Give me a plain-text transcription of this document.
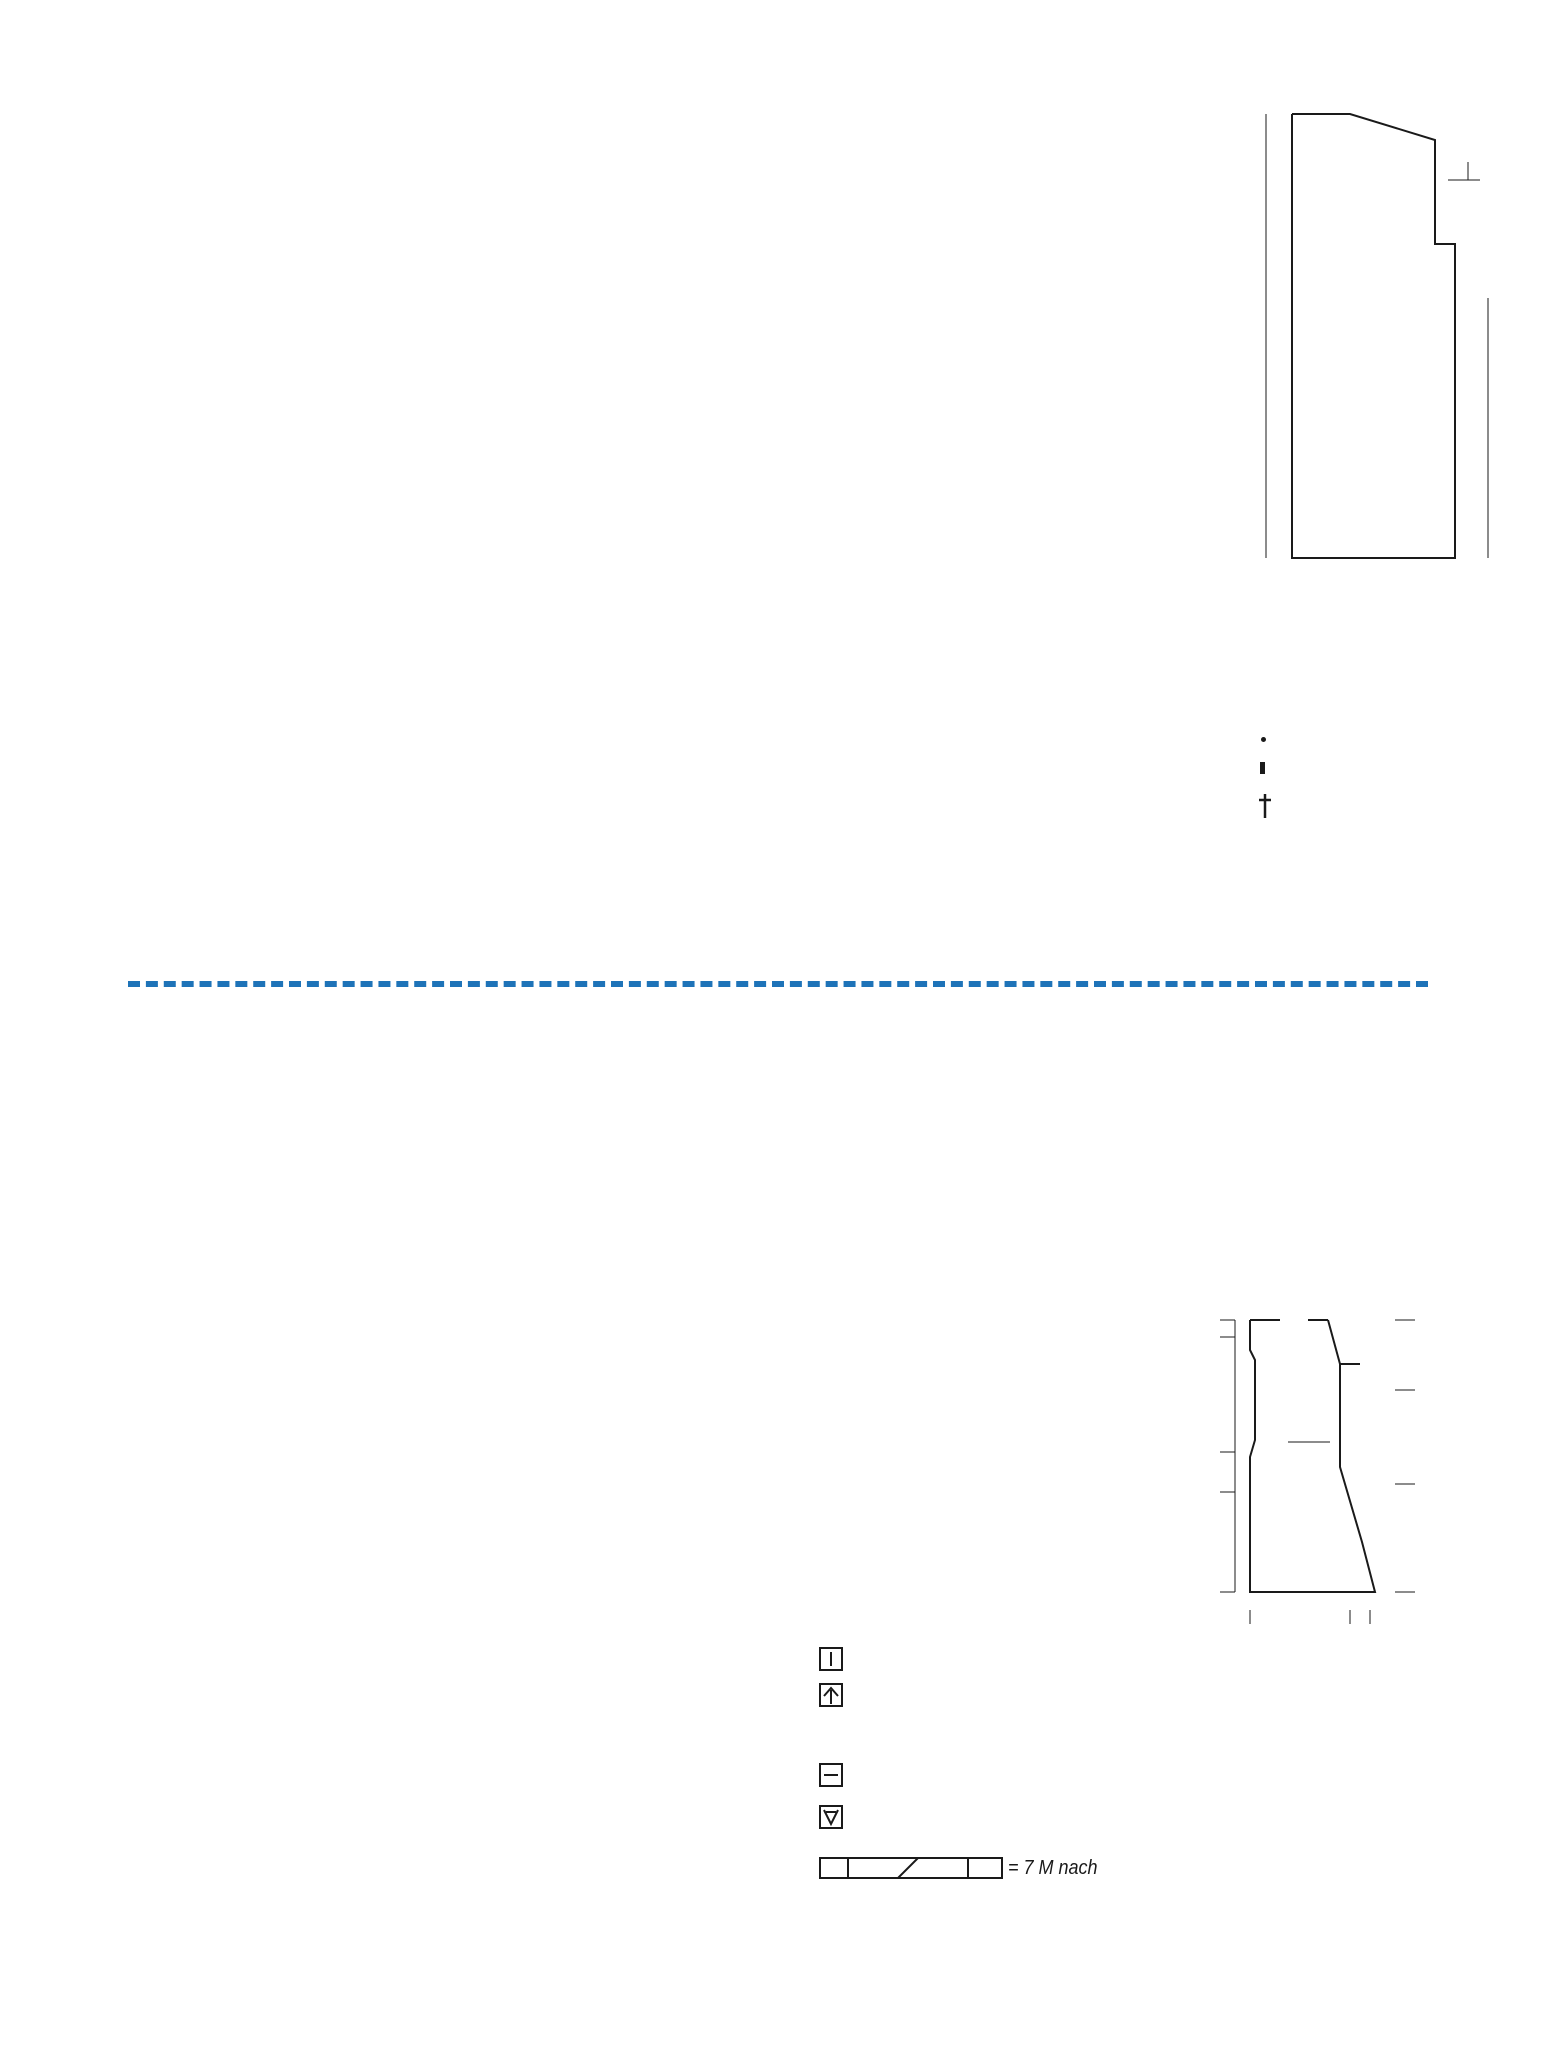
= 7 M nach
